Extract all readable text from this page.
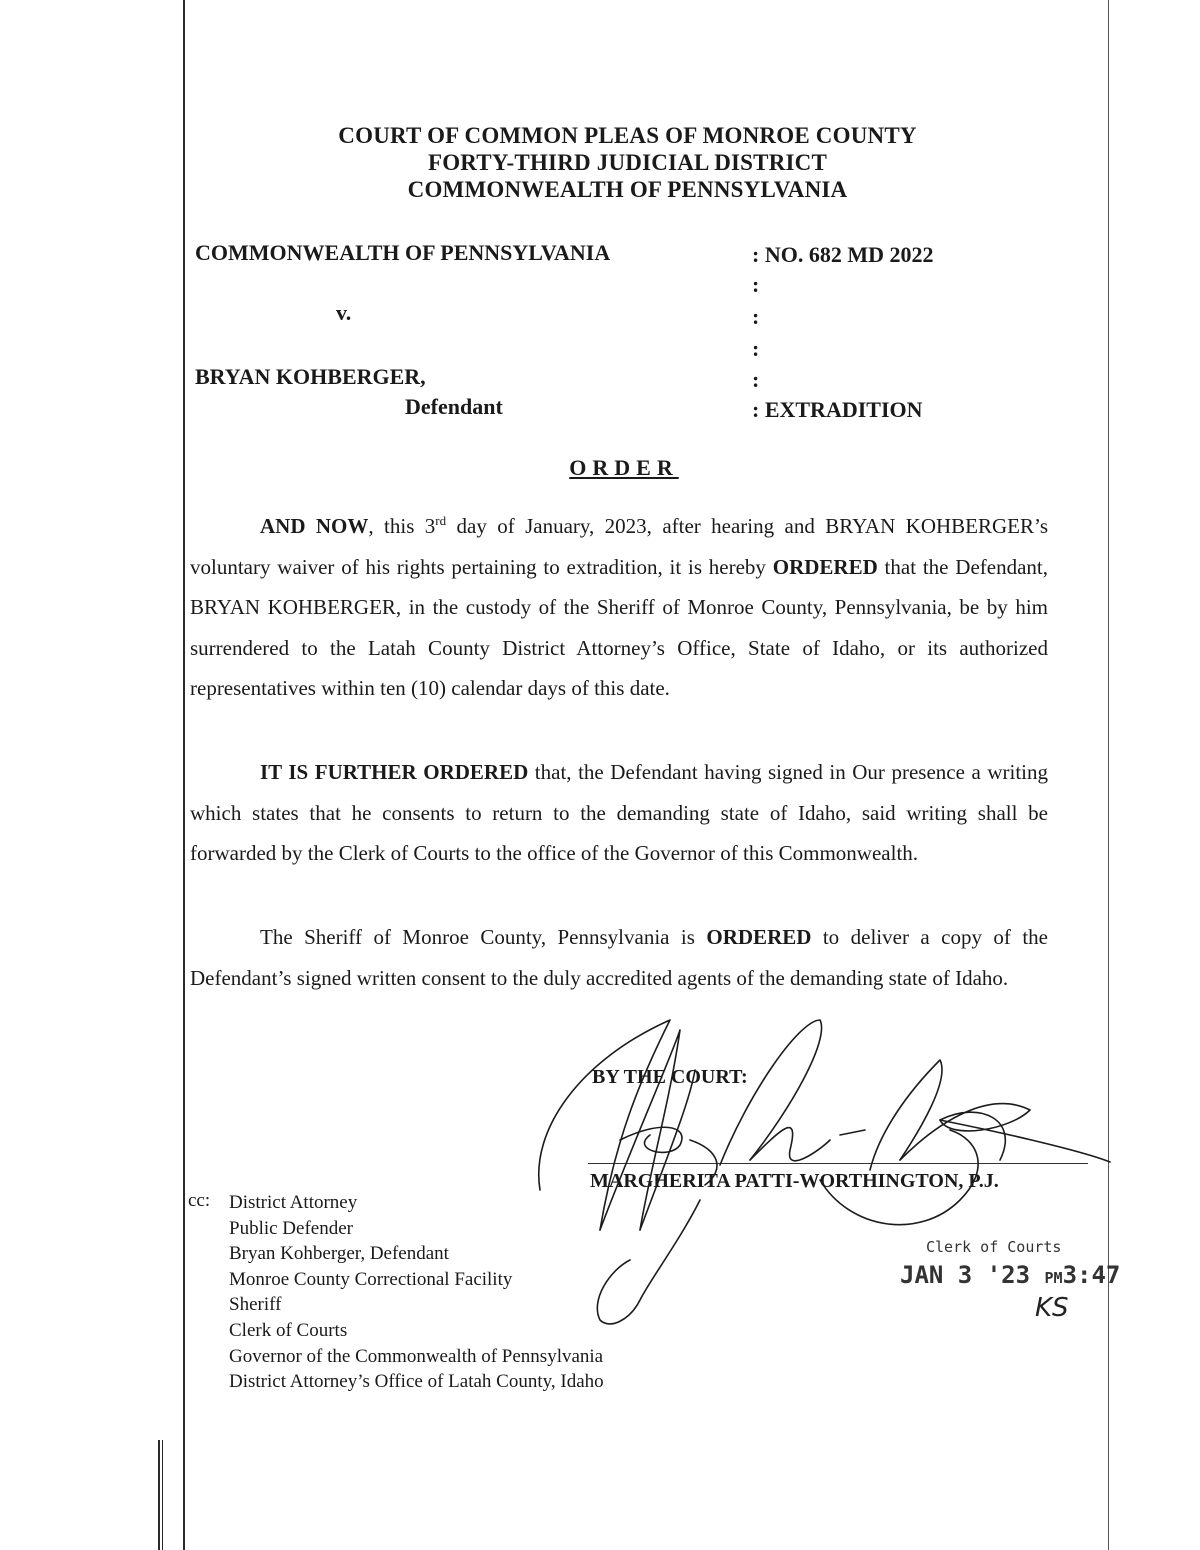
COURT OF COMMON PLEAS OF MONROE COUNTY
FORTY-THIRD JUDICIAL DISTRICT
COMMONWEALTH OF PENNSYLVANIA
COMMONWEALTH OF PENNSYLVANIA
v.
BRYAN KOHBERGER,
Defendant
: NO. 682 MD 2022
:
:
:
:
: EXTRADITION
ORDER

AND NOW, this 3rd day of January, 2023, after hearing and BRYAN KOHBERGER’s voluntary waiver of his rights pertaining to extradition, it is hereby ORDERED that the Defendant, BRYAN KOHBERGER, in the custody of the Sheriff of Monroe County, Pennsylvania, be by him surrendered to the Latah County District Attorney’s Office, State of Idaho, or its authorized representatives within ten (10) calendar days of this date.

IT IS FURTHER ORDERED that, the Defendant having signed in Our presence a writing which states that he consents to return to the demanding state of Idaho, said writing shall be forwarded by the Clerk of Courts to the office of the Governor of this Commonwealth.

The Sheriff of Monroe County, Pennsylvania is ORDERED to deliver a copy of the Defendant’s signed written consent to the duly accredited agents of the demanding state of Idaho.

BY THE COURT:
MARGHERITA PATTI-WORTHINGTON, P.J.
cc: District Attorney
Public Defender
Bryan Kohberger, Defendant
Monroe County Correctional Facility
Sheriff
Clerk of Courts
Governor of the Commonwealth of Pennsylvania
District Attorney’s Office of Latah County, Idaho
Clerk of Courts
JAN 3 '23 PM3:47
KS
